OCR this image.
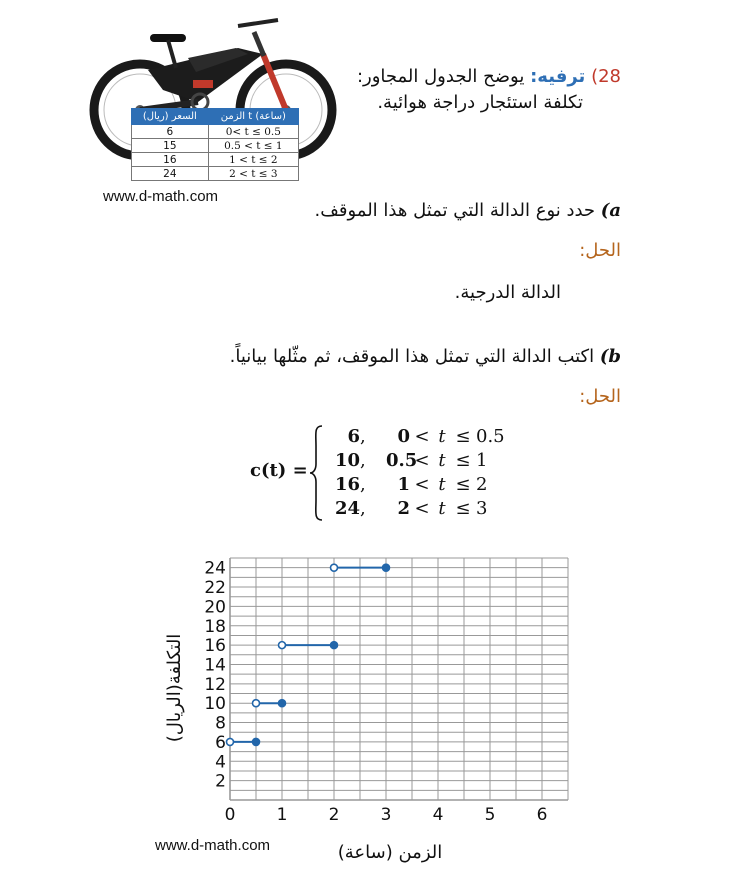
السعر (ريال)	الزمن t (ساعة)
6	0< t ≤ 0.5
15	0.5 < t ≤ 1
16	1 < t ≤ 2
24	2 < t ≤ 3
www.d-math.com
28) ترفيه: يوضح الجدول المجاور:
تكلفة استئجار دراجة هوائية.
a) حدد نوع الدالة التي تمثل هذا الموقف.
الحل:
الدالة الدرجية.
b) اكتب الدالة التي تمثل هذا الموقف، ثم مثّلها بيانياً.
الحل:
c(t) =
6, 0 < t ≤ 0.5
10, 0.5< t ≤ 1
16, 1 < t ≤ 2
24, 2 < t ≤ 3
2
4
6
8
10
12
14
16
18
20
22
24
0 1 2 3 4 5 6
التكلفة(الريال)
الزمن (ساعة)
www.d-math.com
